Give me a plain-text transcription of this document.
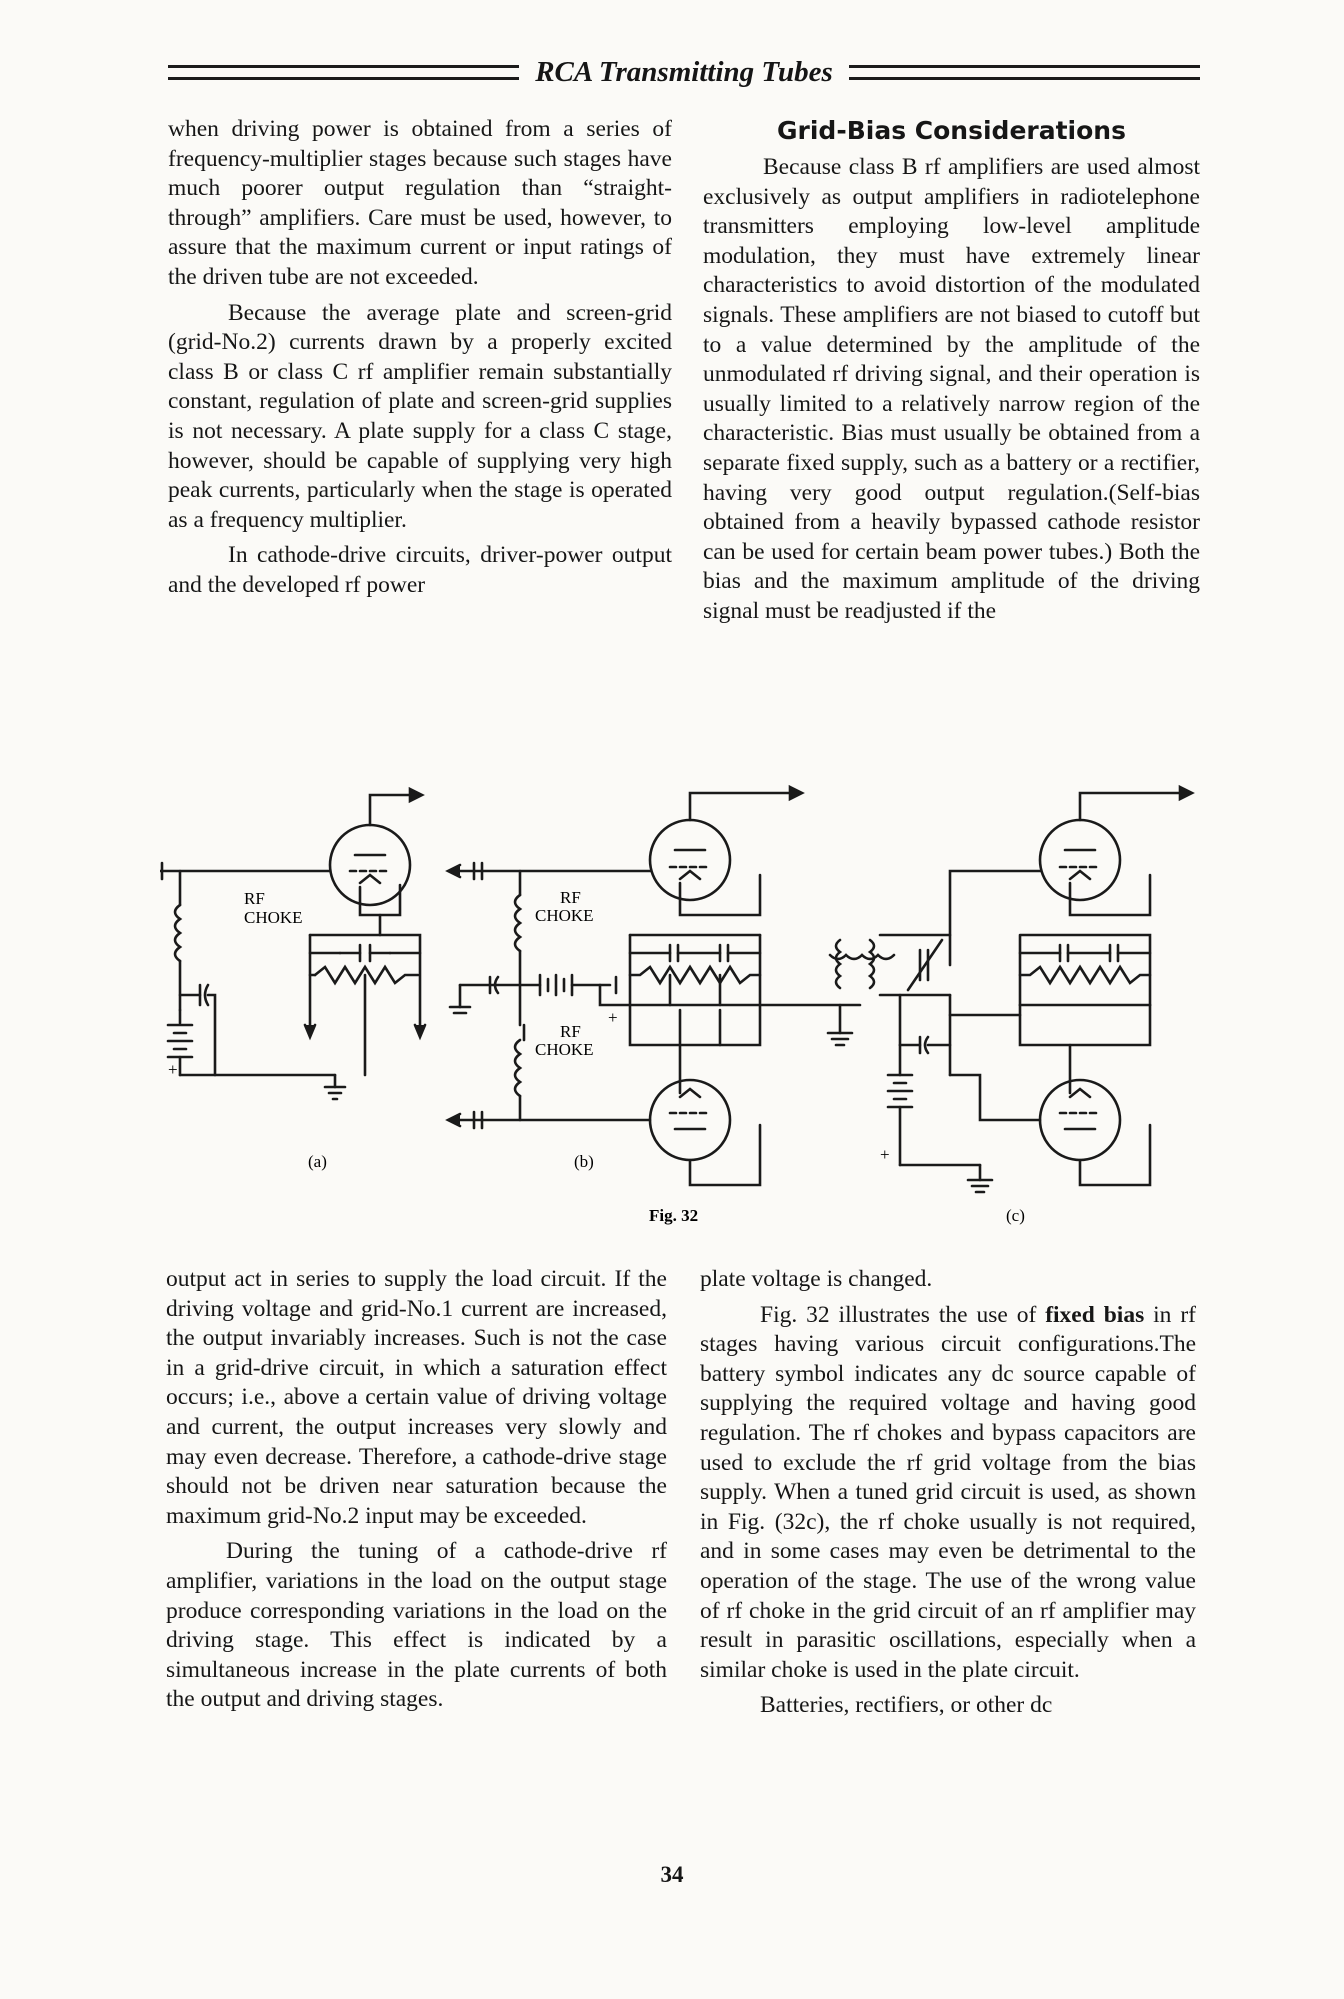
RCA Transmitting Tubes

when driving power is obtained from a series of frequency-multiplier stages because such stages have much poorer output regulation than “straight-through” amplifiers. Care must be used, however, to assure that the maximum current or input ratings of the driven tube are not exceeded.

Because the average plate and screen-grid (grid-No.2) currents drawn by a properly excited class B or class C rf amplifier remain substantially constant, regulation of plate and screen-grid supplies is not necessary. A plate supply for a class C stage, however, should be capable of supplying very high peak currents, particularly when the stage is operated as a frequency multiplier.

In cathode-drive circuits, driver-power output and the developed rf power

Grid-Bias Considerations

Because class B rf amplifiers are used almost exclusively as output amplifiers in radiotelephone transmitters employing low-level amplitude modulation, they must have extremely linear characteristics to avoid distortion of the modulated signals. These amplifiers are not biased to cutoff but to a value determined by the amplitude of the unmodulated rf driving signal, and their operation is usually limited to a relatively narrow region of the characteristic. Bias must usually be obtained from a separate fixed supply, such as a battery or a rectifier, having very good output regulation.(Self-bias obtained from a heavily bypassed cathode resistor can be used for certain beam power tubes.) Both the bias and the maximum amplitude of the driving signal must be readjusted if the

RF
CHOKE
RF
CHOKE
RF
CHOKE
+
+
+
(a)	(b)
(c)
Fig. 32

output act in series to supply the load circuit. If the driving voltage and grid-No.1 current are increased, the output invariably increases. Such is not the case in a grid-drive circuit, in which a saturation effect occurs; i.e., above a certain value of driving voltage and current, the output increases very slowly and may even decrease. Therefore, a cathode-drive stage should not be driven near saturation because the maximum grid-No.2 input may be exceeded.

During the tuning of a cathode-drive rf amplifier, variations in the load on the output stage produce corresponding variations in the load on the driving stage. This effect is indicated by a simultaneous increase in the plate currents of both the output and driving stages.

plate voltage is changed.

Fig. 32 illustrates the use of fixed bias in rf stages having various circuit configurations.The battery symbol indicates any dc source capable of supplying the required voltage and having good regulation. The rf chokes and bypass capacitors are used to exclude the rf grid voltage from the bias supply. When a tuned grid circuit is used, as shown in Fig. (32c), the rf choke usually is not required, and in some cases may even be detrimental to the operation of the stage. The use of the wrong value of rf choke in the grid circuit of an rf amplifier may result in parasitic oscillations, especially when a similar choke is used in the plate circuit.

Batteries, rectifiers, or other dc

34
